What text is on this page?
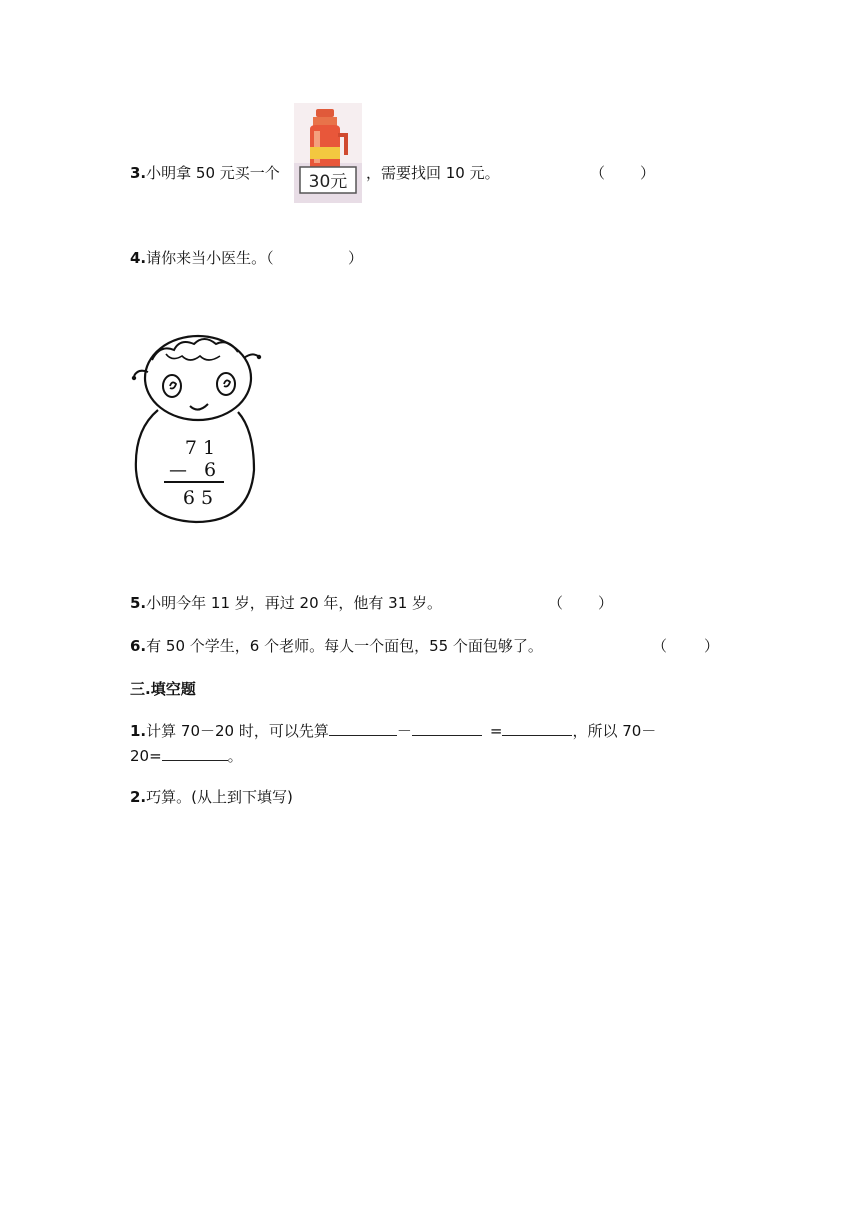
3.小明拿 50 元买一个 30元 ，需要找回 10 元。	（ ）
4.请你来当小医生。（	）
7 1
— 6
6 5
5.小明今年 11 岁，再过 20 年，他有 31 岁。	（ ）
6.有 50 个学生，6 个老师。每人一个面包，55 个面包够了。	（ ）
三.填空题
1.计算 70－20 时，可以先算	－	=	，所以 70－
20=	。
2.巧算。(从上到下填写)
